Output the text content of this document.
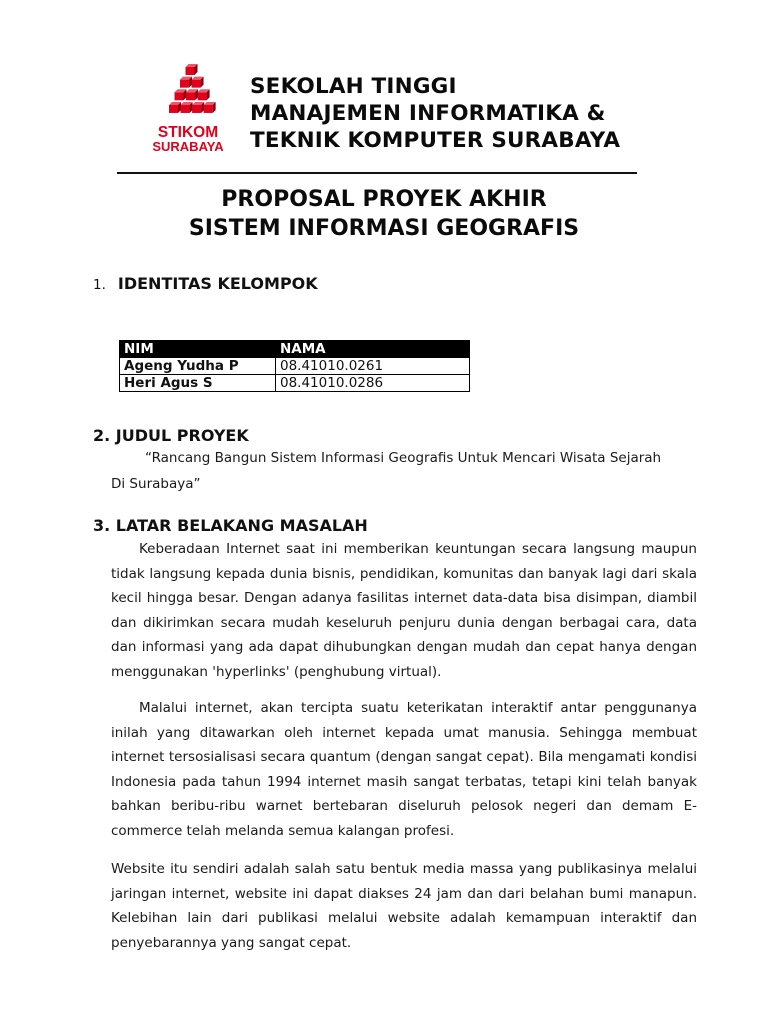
STIKOM
SURABAYA
SEKOLAH TINGGI
MANAJEMEN INFORMATIKA &
TEKNIK KOMPUTER SURABAYA
PROPOSAL PROYEK AKHIR
SISTEM INFORMASI GEOGRAFIS
1. IDENTITAS KELOMPOK
NIM	NAMA
Ageng Yudha P	08.41010.0261
Heri Agus S	08.41010.0286
2. JUDUL PROYEK
“Rancang Bangun Sistem Informasi Geografis Untuk Mencari Wisata Sejarah
Di Surabaya”
3. LATAR BELAKANG MASALAH
Keberadaan Internet saat ini memberikan keuntungan secara langsung maupun tidak langsung kepada dunia bisnis, pendidikan, komunitas dan banyak lagi dari skala kecil hingga besar. Dengan adanya fasilitas internet data-data bisa disimpan, diambil dan dikirimkan secara mudah keseluruh penjuru dunia dengan berbagai cara, data dan informasi yang ada dapat dihubungkan dengan mudah dan cepat hanya dengan menggunakan 'hyperlinks' (penghubung virtual).
Malalui internet, akan tercipta suatu keterikatan interaktif antar penggunanya inilah yang ditawarkan oleh internet kepada umat manusia. Sehingga membuat internet tersosialisasi secara quantum (dengan sangat cepat). Bila mengamati kondisi Indonesia pada tahun 1994 internet masih sangat terbatas, tetapi kini telah banyak bahkan beribu-ribu warnet bertebaran diseluruh pelosok negeri dan demam E-commerce telah melanda semua kalangan profesi.
Website itu sendiri adalah salah satu bentuk media massa yang publikasinya melalui jaringan internet, website ini dapat diakses 24 jam dan dari belahan bumi manapun. Kelebihan lain dari publikasi melalui website adalah kemampuan interaktif dan penyebarannya yang sangat cepat.
